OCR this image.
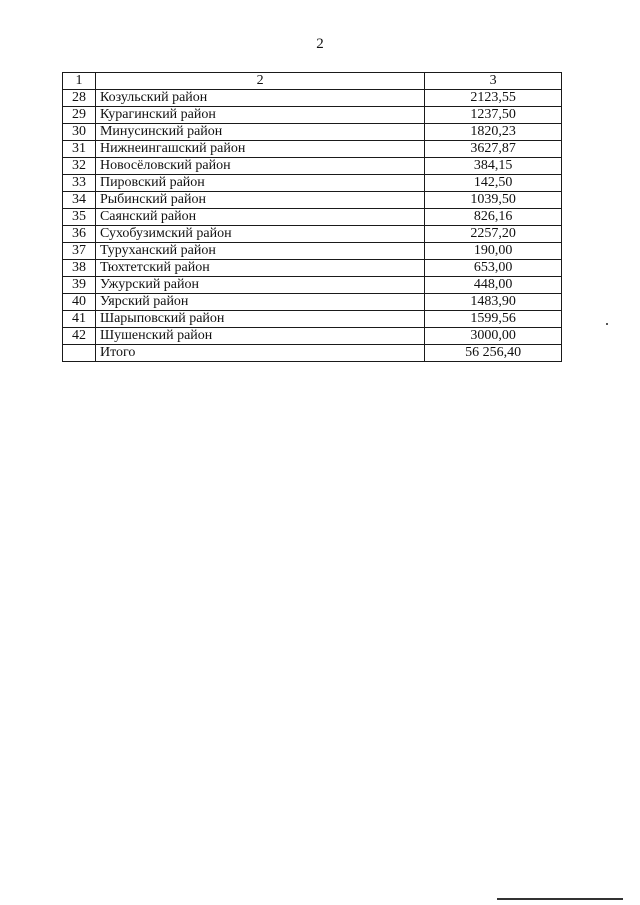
2
1	2	3
28	Козульский район	2123,55
29	Курагинский район	1237,50
30	Минусинский район	1820,23
31	Нижнеингашский район	3627,87
32	Новосёловский район	384,15
33	Пировский район	142,50
34	Рыбинский район	1039,50
35	Саянский район	826,16
36	Сухобузимский район	2257,20
37	Туруханский район	190,00
38	Тюхтетский район	653,00
39	Ужурский район	448,00
40	Уярский район	1483,90
41	Шарыповский район	1599,56
42	Шушенский район	3000,00
	Итого	56 256,40
